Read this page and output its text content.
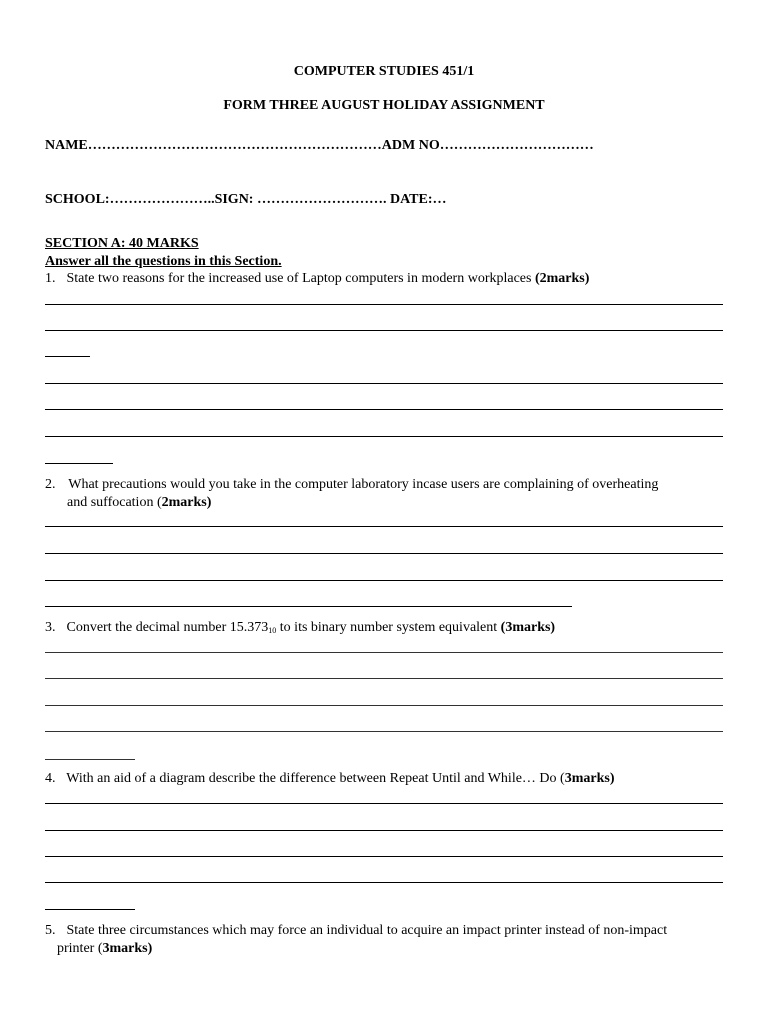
COMPUTER STUDIES 451/1
FORM THREE AUGUST HOLIDAY ASSIGNMENT
NAME………………………………………………………ADM NO……………………………
SCHOOL:…………………..SIGN: ………………………. DATE:…
SECTION A: 40 MARKS
Answer all the questions in this Section.
1. State two reasons for the increased use of Laptop computers in modern workplaces (2marks)
2. What precautions would you take in the computer laboratory incase users are complaining of overheating
and suffocation (2marks)
3. Convert the decimal number $15.373_{10}$ to its binary number system equivalent (3marks)
4. With an aid of a diagram describe the difference between Repeat Until and While… Do (3marks)
5. State three circumstances which may force an individual to acquire an impact printer instead of non-impact
printer (3marks)
